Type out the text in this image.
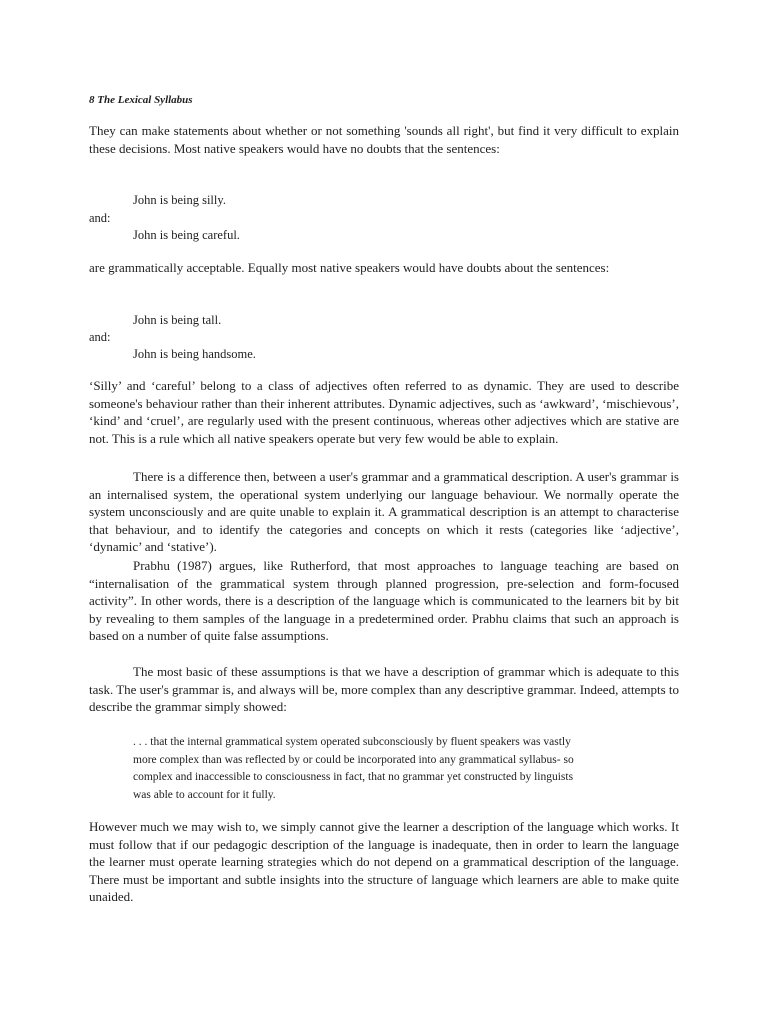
8 The Lexical Syllabus

They can make statements about whether or not something 'sounds all right', but find it very difficult to explain these decisions. Most native speakers would have no doubts that the sentences:

John is being silly.
and:
John is being careful.

are grammatically acceptable. Equally most native speakers would have doubts about the sentences:

John is being tall.
and:
John is being handsome.

‘Silly’ and ‘careful’ belong to a class of adjectives often referred to as dynamic. They are used to describe someone's behaviour rather than their inherent attributes. Dynamic adjectives, such as ‘awkward’, ‘mischievous’, ‘kind’ and ‘cruel’, are regularly used with the present continuous, whereas other adjectives which are stative are not. This is a rule which all native speakers operate but very few would be able to explain.

There is a difference then, between a user's grammar and a grammatical description. A user's grammar is an internalised system, the operational system underlying our language behaviour. We normally operate the system unconsciously and are quite unable to explain it. A grammatical description is an attempt to characterise that behaviour, and to identify the categories and concepts on which it rests (categories like ‘adjective’, ‘dynamic’ and ‘stative’).

Prabhu (1987) argues, like Rutherford, that most approaches to language teaching are based on “internalisation of the grammatical system through planned progression, pre-selection and form-focused activity”. In other words, there is a description of the language which is communicated to the learners bit by bit by revealing to them samples of the language in a predetermined order. Prabhu claims that such an approach is based on a number of quite false assumptions.

The most basic of these assumptions is that we have a description of grammar which is adequate to this task. The user's grammar is, and always will be, more complex than any descriptive grammar. Indeed, attempts to describe the grammar simply showed:

. . . that the internal grammatical system operated subconsciously by fluent speakers was vastly
more complex than was reflected by or could be incorporated into any grammatical syllabus- so
complex and inaccessible to consciousness in fact, that no grammar yet constructed by linguists
was able to account for it fully.

However much we may wish to, we simply cannot give the learner a description of the language which works. It must follow that if our pedagogic description of the language is inadequate, then in order to learn the language the learner must operate learning strategies which do not depend on a grammatical description of the language. There must be important and subtle insights into the structure of language which learners are able to make quite unaided.
